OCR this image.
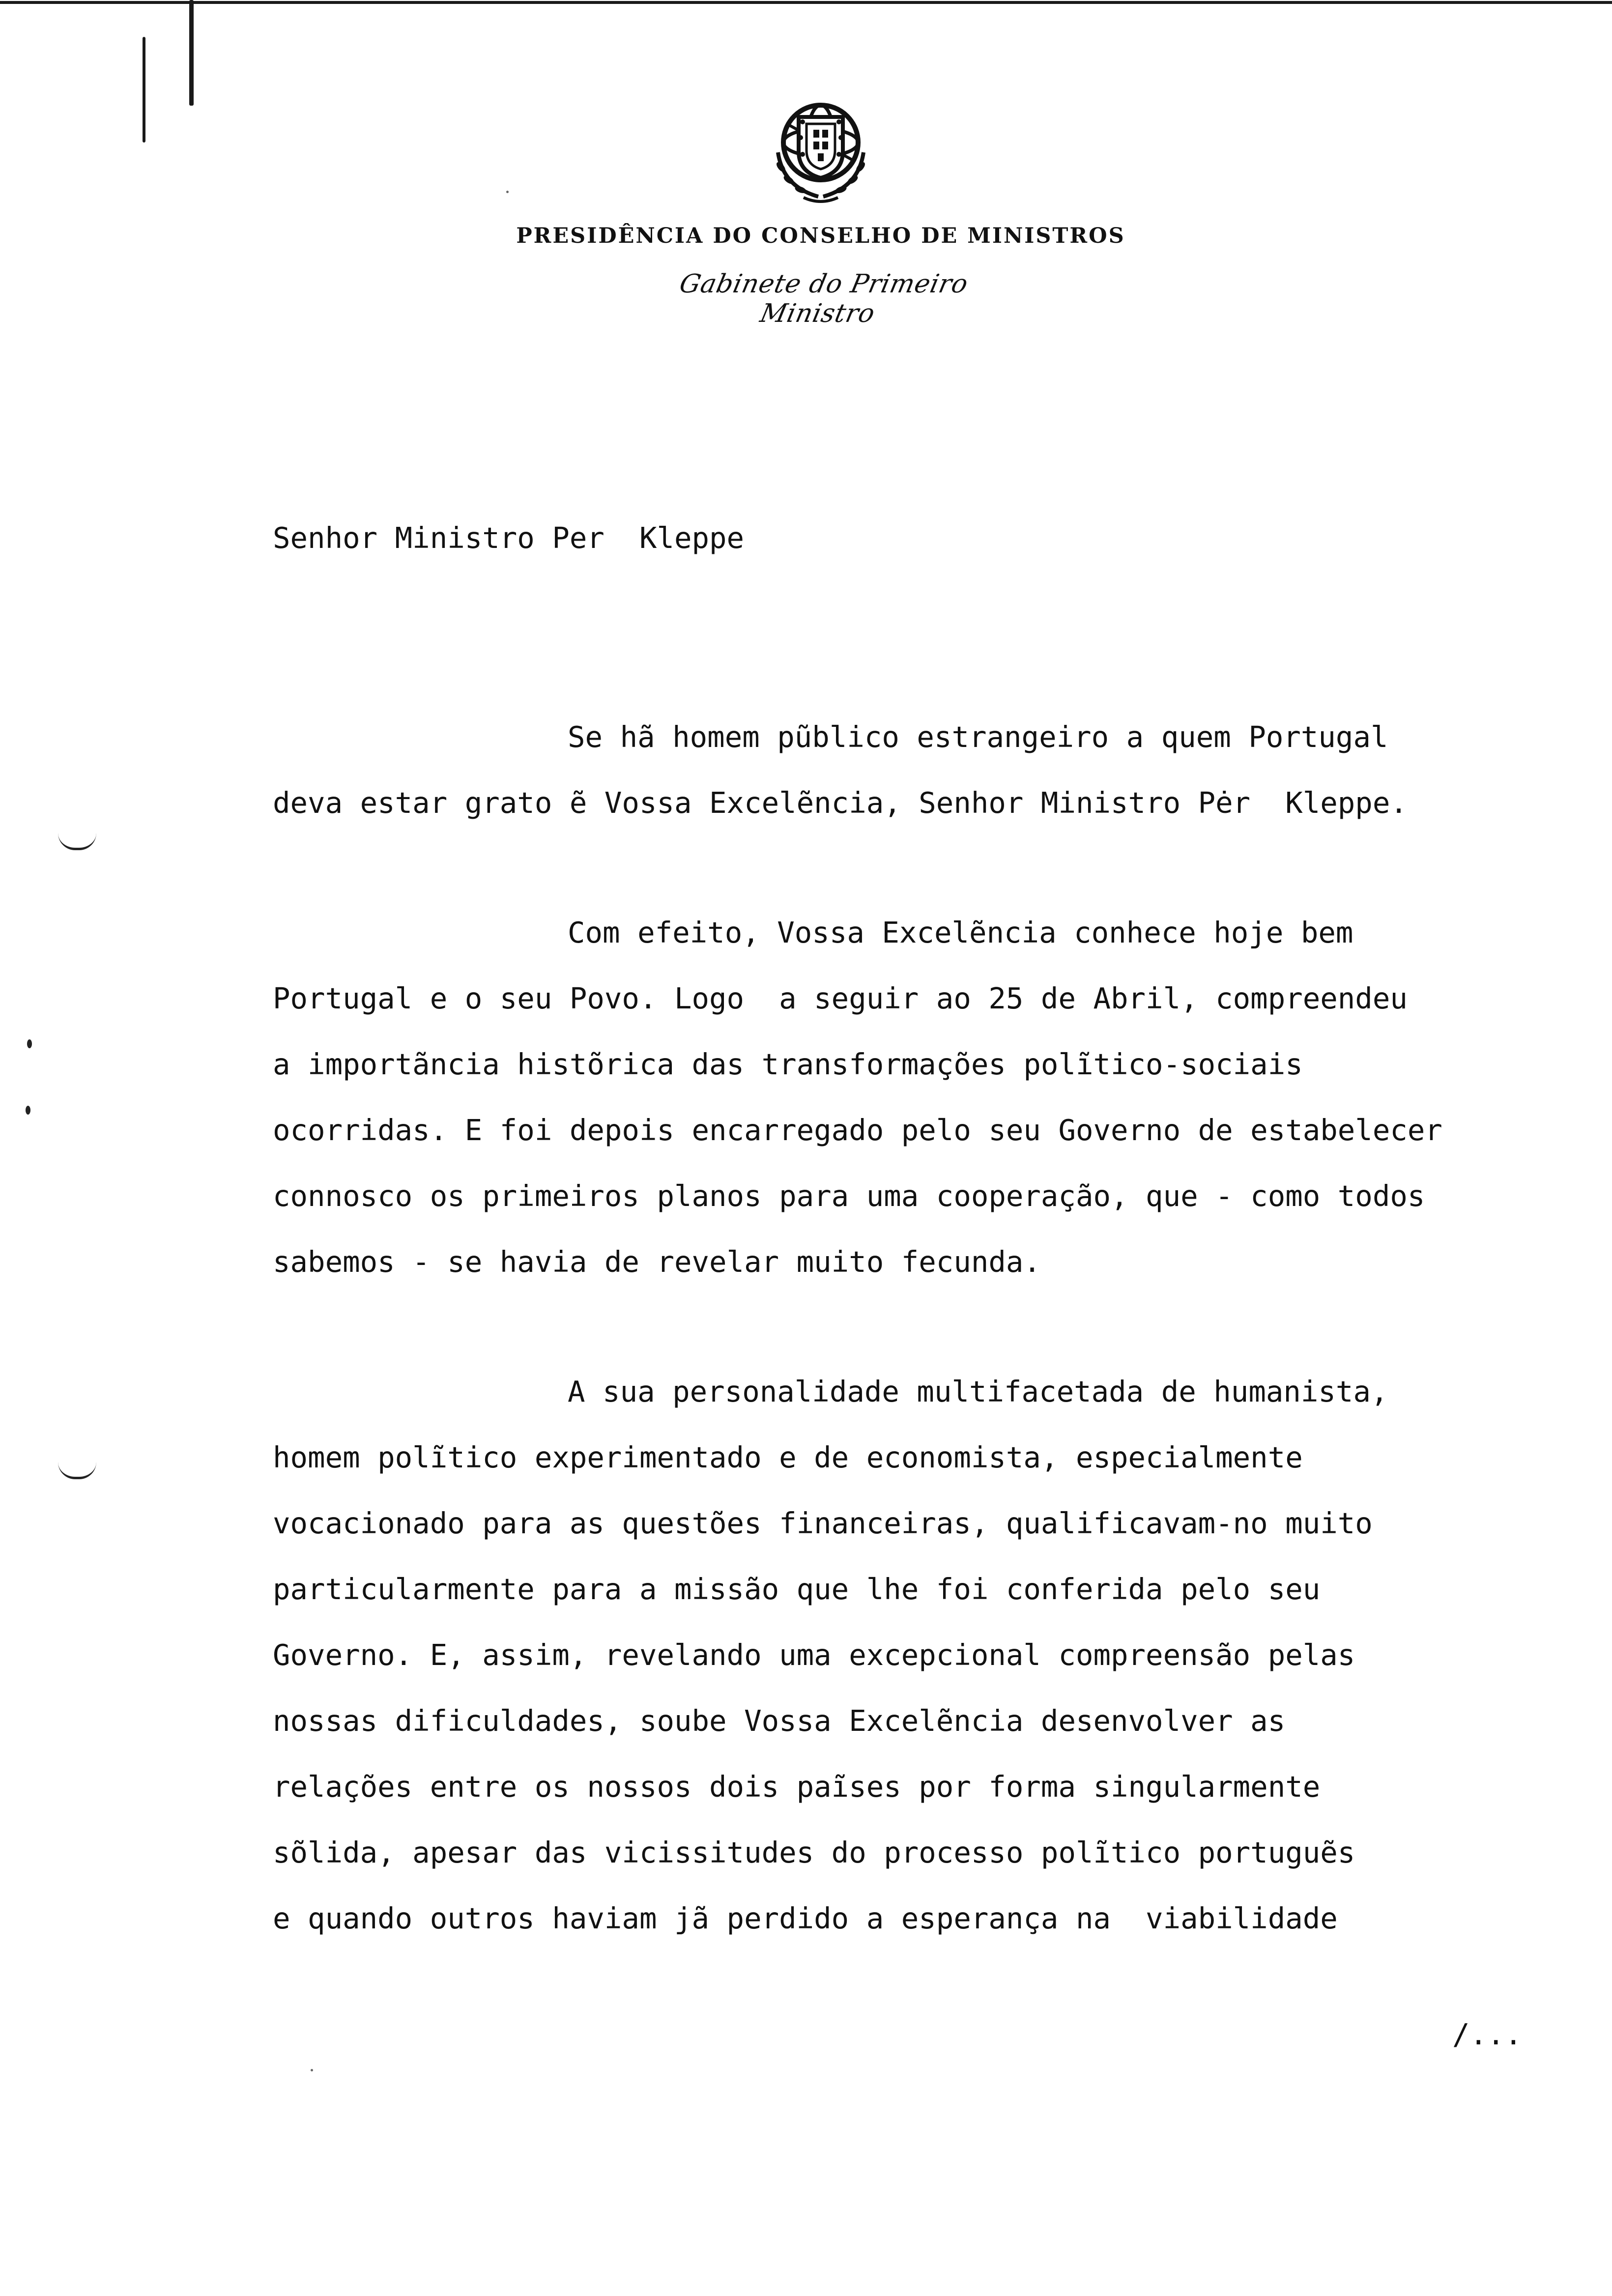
PRESIDÊNCIA DO CONSELHO DE MINISTROS
Gabinete do Primeiro Ministro
Senhor Ministro Per  Kleppe
Se hã homem pũblico estrangeiro a quem Portugal
deva estar grato ẽ Vossa Excelẽncia, Senhor Ministro Pėr  Kleppe.
Com efeito, Vossa Excelẽncia conhece hoje bem
Portugal e o seu Povo. Logo  a seguir ao 25 de Abril, compreendeu
a importãncia histõrica das transformações polĩtico-sociais
ocorridas. E foi depois encarregado pelo seu Governo de estabelecer
connosco os primeiros planos para uma cooperação, que - como todos
sabemos - se havia de revelar muito fecunda.
A sua personalidade multifacetada de humanista,
homem polĩtico experimentado e de economista, especialmente
vocacionado para as questões financeiras, qualificavam-no muito
particularmente para a missão que lhe foi conferida pelo seu
Governo. E, assim, revelando uma excepcional compreensão pelas
nossas dificuldades, soube Vossa Excelẽncia desenvolver as
relações entre os nossos dois paĩses por forma singularmente
sõlida, apesar das vicissitudes do processo polĩtico portuguẽs
e quando outros haviam jã perdido a esperança na  viabilidade
/...
